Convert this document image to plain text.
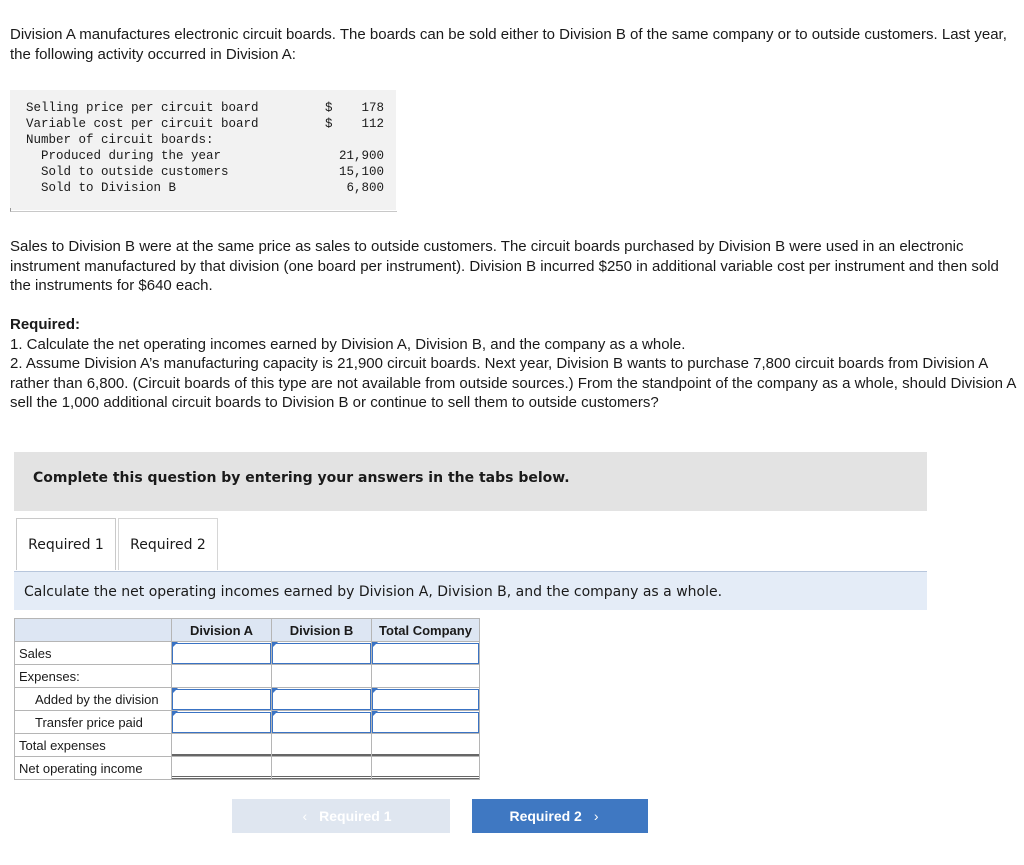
Division A manufactures electronic circuit boards. The boards can be sold either to Division B of the same company or to outside customers. Last year, the following activity occurred in Division A:

Selling price per circuit board	$ 178
Variable cost per circuit board	$ 112
Number of circuit boards:
Produced during the year	21,900
Sold to outside customers	15,100
Sold to Division B	6,800

Sales to Division B were at the same price as sales to outside customers. The circuit boards purchased by Division B were used in an electronic instrument manufactured by that division (one board per instrument). Division B incurred $250 in additional variable cost per instrument and then sold the instruments for $640 each.

Required:
1. Calculate the net operating incomes earned by Division A, Division B, and the company as a whole.
2. Assume Division A’s manufacturing capacity is 21,900 circuit boards. Next year, Division B wants to purchase 7,800 circuit boards from Division A rather than 6,800. (Circuit boards of this type are not available from outside sources.) From the standpoint of the company as a whole, should Division A sell the 1,000 additional circuit boards to Division B or continue to sell them to outside customers?
Complete this question by entering your answers in the tabs below.
Required 1	Required 2
Calculate the net operating incomes earned by Division A, Division B, and the company as a whole.
	Division A	Division B	Total Company
Sales			
Expenses:			
Added by the division			
Transfer price paid			
Total expenses			
Net operating income			
‹ Required 1	Required 2 ›
